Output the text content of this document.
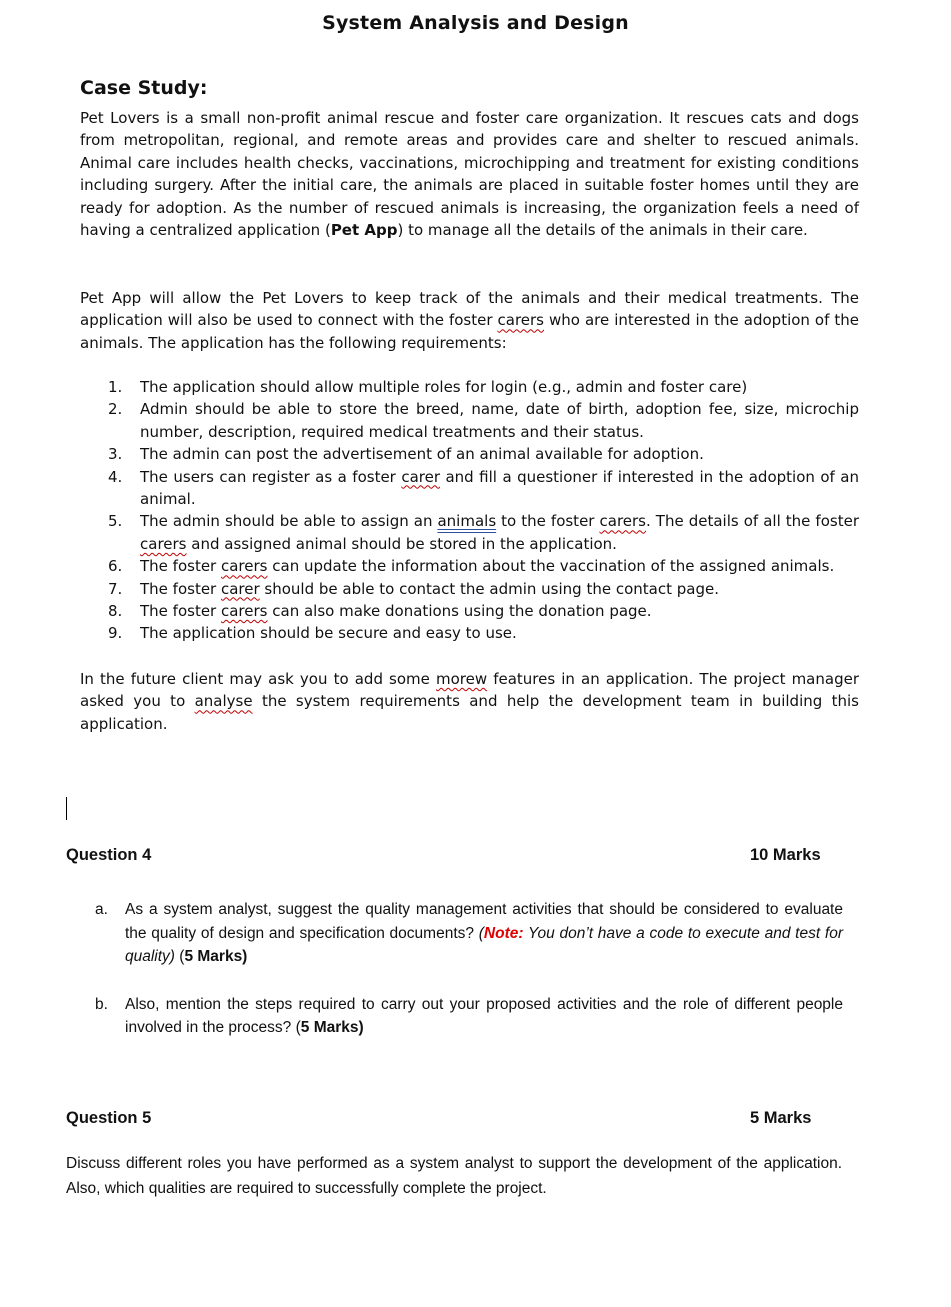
System Analysis and Design
Case Study:

Pet Lovers is a small non-profit animal rescue and foster care organization. It rescues cats and dogs from metropolitan, regional, and remote areas and provides care and shelter to rescued animals. Animal care includes health checks, vaccinations, microchipping and treatment for existing conditions including surgery. After the initial care, the animals are placed in suitable foster homes until they are ready for adoption. As the number of rescued animals is increasing, the organization feels a need of having a centralized application (Pet App) to manage all the details of the animals in their care.

Pet App will allow the Pet Lovers to keep track of the animals and their medical treatments. The application will also be used to connect with the foster carers who are interested in the adoption of the animals. The application has the following requirements:

1.	The application should allow multiple roles for login (e.g., admin and foster care)
2.	Admin should be able to store the breed, name, date of birth, adoption fee, size, microchip number, description, required medical treatments and their status.
3.	The admin can post the advertisement of an animal available for adoption.
4.	The users can register as a foster carer and fill a questioner if interested in the adoption of an animal.
5.	The admin should be able to assign an animals to the foster carers. The details of all the foster carers and assigned animal should be stored in the application.
6.	The foster carers can update the information about the vaccination of the assigned animals.
7.	The foster carer should be able to contact the admin using the contact page.
8.	The foster carers can also make donations using the donation page.
9.	The application should be secure and easy to use.

In the future client may ask you to add some morew features in an application. The project manager asked you to analyse the system requirements and help the development team in building this application.

Question 4	10 Marks
a.	As a system analyst, suggest the quality management activities that should be considered to evaluate the quality of design and specification documents? (Note: You don’t have a code to execute and test for quality) (5 Marks)
b.	Also, mention the steps required to carry out your proposed activities and the role of different people involved in the process? (5 Marks)
Question 5	5 Marks

Discuss different roles you have performed as a system analyst to support the development of the application. Also, which qualities are required to successfully complete the project.
